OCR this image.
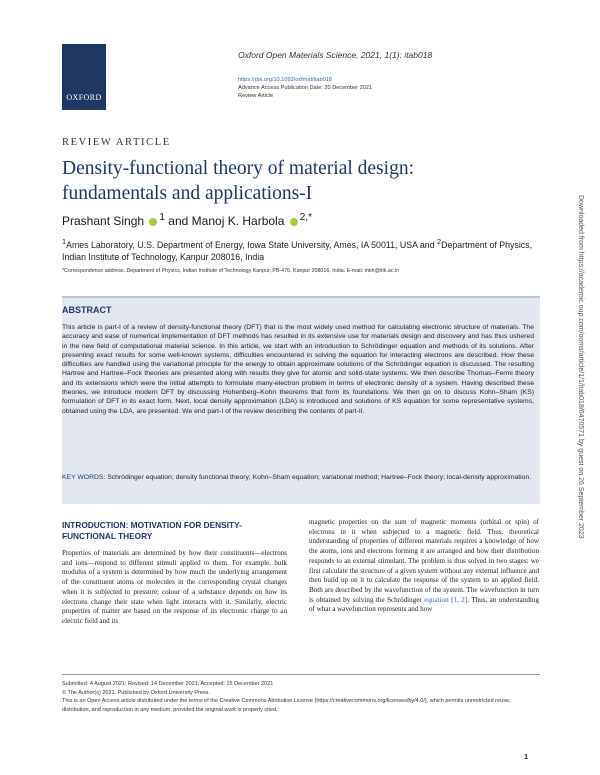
OXFORD
Oxford Open Materials Science, 2021, 1(1): itab018
https://doi.org/10.1093/oxfmat/itab018
Advance Access Publication Date: 20 December 2021
Review Article
REVIEW ARTICLE
Density-functional theory of material design: fundamentals and applications-I
Prashant Singh $^1$ and Manoj K. Harbola $^{2,*}$
$^1$Ames Laboratory, U.S. Department of Energy, Iowa State University, Ames, IA 50011, USA and $^2$Department of Physics, Indian Institute of Technology, Kanpur 208016, India
*Correspondence address. Department of Physics, Indian Institute of Technology Kanpur, PB-476, Kanpur 208016, India. E-mail: mkh@iitk.ac.in
ABSTRACT
This article is part-I of a review of density-functional theory (DFT) that is the most widely used method for calculating electronic structure of materials. The accuracy and ease of numerical implementation of DFT methods has resulted in its extensive use for materials design and discovery and has thus ushered in the new field of computational material science. In this article, we start with an introduction to Schrödinger equation and methods of its solutions. After presenting exact results for some well-known systems, difficulties encountered in solving the equation for interacting electrons are described. How these difficulties are handled using the variational principle for the energy to obtain approximate solutions of the Schrödinger equation is discussed. The resulting Hartree and Hartree–Fock theories are presented along with results they give for atomic and solid-state systems. We then describe Thomas–Fermi theory and its extensions which were the initial attempts to formulate many-electron problem in terms of electronic density of a system. Having described these theories, we introduce modern DFT by discussing Hohenberg–Kohn theorems that form its foundations. We then go on to discuss Kohn–Sham (KS) formulation of DFT in its exact form. Next, local density approximation (LDA) is introduced and solutions of KS equation for some representative systems, obtained using the LDA, are presented. We end part-I of the review describing the contents of part-II.
KEY WORDS: Schrödinger equation; density functional theory; Kohn–Sham equation; variational method; Hartree–Fock theory; local-density approximation.
INTRODUCTION: MOTIVATION FOR DENSITY-FUNCTIONAL THEORY
Properties of materials are determined by how their constituents—electrons and ions—respond to different stimuli applied to them. For example, bulk modulus of a system is determined by how much the underlying arrangement of the constituent atoms or molecules in the corresponding crystal changes when it is subjected to pressure; colour of a substance depends on how its electrons change their state when light interacts with it. Similarly, electric properties of matter are based on the response of its electronic charge to an electric field and its
magnetic properties on the sum of magnetic moments (orbital or spin) of electrons in it when subjected to a magnetic field. Thus, theoretical understanding of properties of different materials requires a knowledge of how the atoms, ions and electrons forming it are arranged and how their distribution responds to an external stimulant. The problem is thus solved in two stages: we first calculate the structure of a given system without any external influence and then build up on it to calculate the response of the system to an applied field. Both are described by the wavefunction of the system. The wavefunction in turn is obtained by solving the Schrödinger equation [1, 2]. Thus, an understanding of what a wavefunction represents and how
Submitted: 4 August 2021; Revised: 14 December 2021; Accepted: 15 December 2021
© The Author(s) 2021. Published by Oxford University Press.
This is an Open Access article distributed under the terms of the Creative Commons Attribution License (https://creativecommons.org/licenses/by/4.0/), which permits unrestricted reuse, distribution, and reproduction in any medium, provided the original work is properly cited.
1
Downloaded from https://academic.oup.com/ooms/article/1/1/itab018/6470571 by guest on 26 September 2023
